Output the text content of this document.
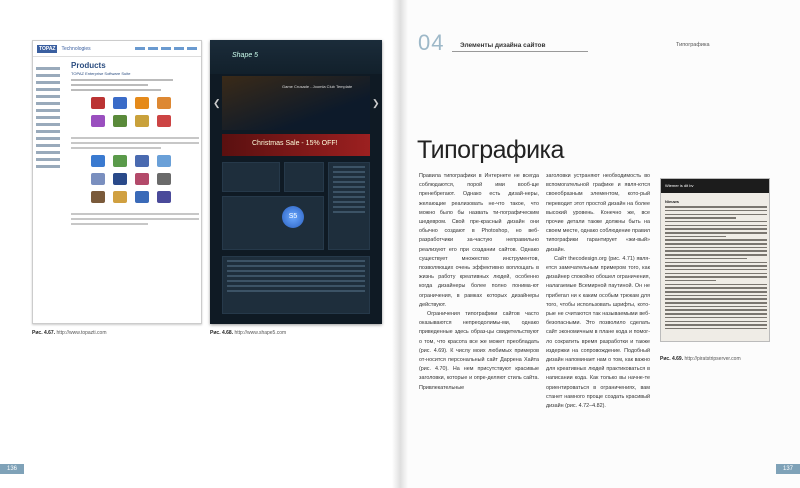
TOPAZ	Technologies
Products
TOPAZ Enterprise Software Suite
Рис. 4.67. http://www.topazti.com
Shape 5
Game Crusade - Joomla Club Template
❮	❯
Christmas Sale - 15% OFF!
S5
Рис. 4.68. http://www.shape5.com
136
04 Элементы дизайна сайтов	Типографика
Типографика

Правила типографики в Интернете не всегда соблюдаются, порой ими вооб-ще пренебрегают. Однако есть дизай-неры, желающие реализовать не-что такое, что можно было бы назвать ти-пографическим шедевром. Свой пре-красный дизайн они обычно создают в Photoshop, но веб-разработчики за-частую неправильно реализуют его при создании сайтов. Однако существует множество инструментов, позволяющих очень эффективно воплощать в жизнь работу креативных людей, особенно когда дизайнеры более полно понима-ют ограничения, в рамках которых дизайнеры действуют.

Ограничения типографики сайтов часто оказываются непреодолимы-ми, однако приведенные здесь образ-цы свидетельствуют о том, что красота все же может преобладать (рис. 4.69). К числу моих любимых примеров от-носится персональный сайт Даррена Хайта (рис. 4.70). На нем присутствуют красивые заголовки, которые и опре-деляют стиль сайта. Привлекательные

заголовки устраняют необходимость во вспомогательной графике и явля-ются своеобразным элементом, кото-рый переводит этот простой дизайн на более высокий уровень. Конечно же, все прочие детали также должны быть на своем месте, однако соблюдение правил типографики гарантирует «жи-вый» дизайн.

Сайт thecodesign.org (рис. 4.71) явля-ется замечательным примером того, как дизайнер спокойно обошел ограничения, налагаемые Всемирной паутиной. Он не прибегал ни к каким особым трюкам для того, чтобы использовать шрифты, кото-рые не считаются так называемыми веб-безопасными. Это позволило сделать сайт экономичным в плане кода и помог-ло сократить время разработки и также издержки на сопровождение. Подобный дизайн напоминает нам о том, как важно для креативных людей практиковаться в написании кода. Как только вы начне-те ориентироваться в ограничениях, вам станет намного проще создать красивый дизайн (рис. 4.72–4.82).

Wiemer is dit bv
Nieuws
Рис. 4.69. http://piratstripserver.com
137
